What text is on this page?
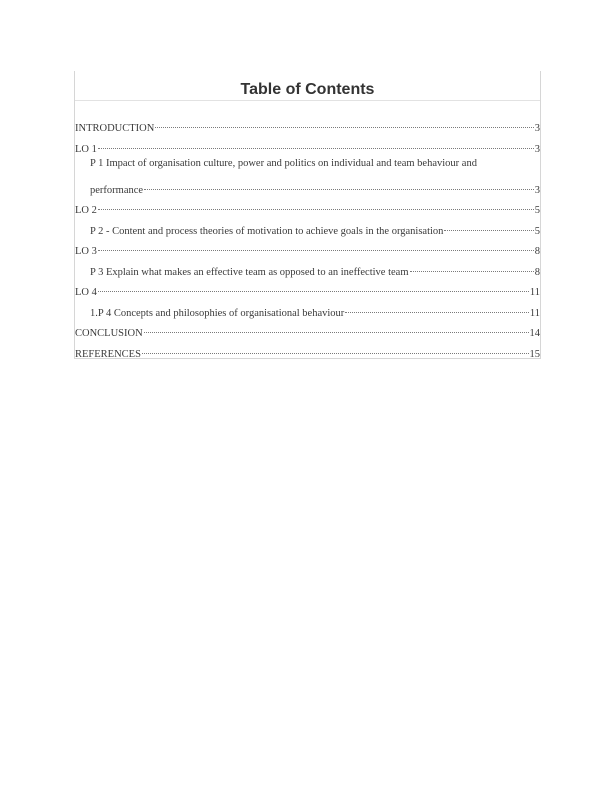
Table of Contents
INTRODUCTION	3
LO 1	3
P 1 Impact of organisation culture, power and politics on individual and team behaviour and
performance	3
LO 2	5
P 2 - Content and process theories of motivation to achieve goals in the organisation	5
LO 3	8
P 3 Explain what makes an effective team as opposed to an ineffective team	8
LO 4	11
1.P 4 Concepts and philosophies of organisational behaviour	11
CONCLUSION	14
REFERENCES	15
